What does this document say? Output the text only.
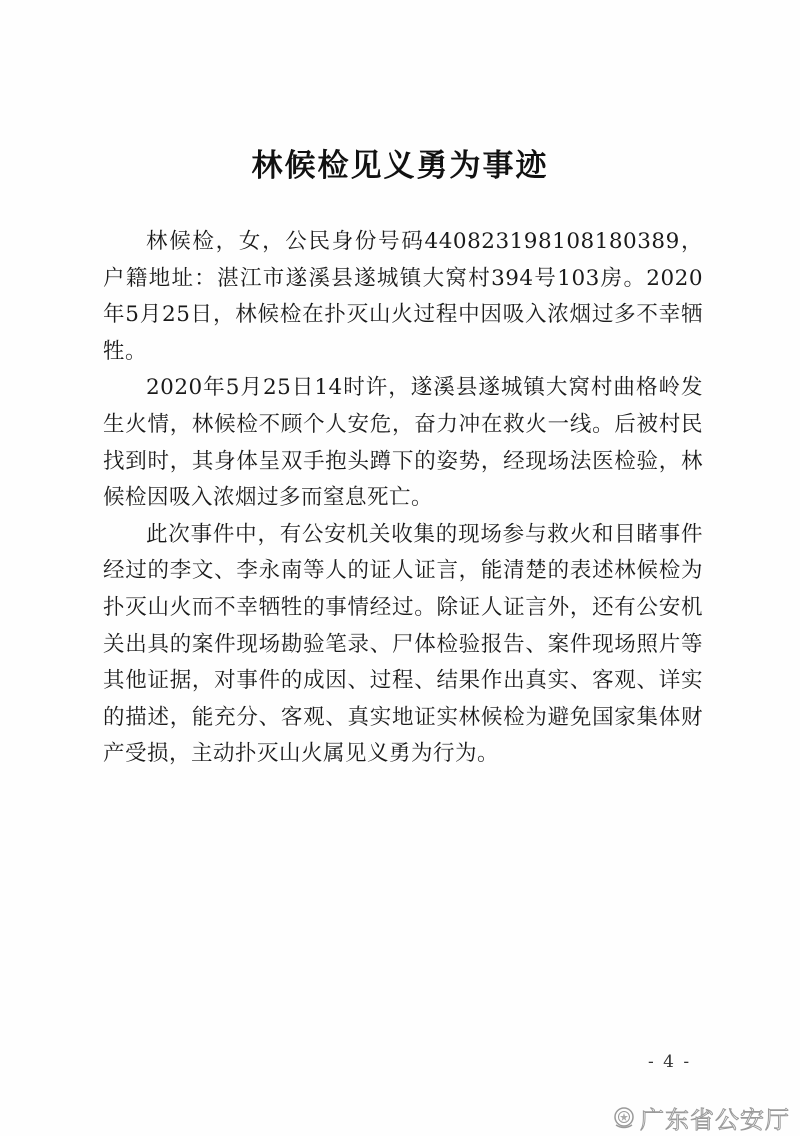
林候检见义勇为事迹

林候检，女，公民身份号码440823198108180389，户籍地址：湛江市遂溪县遂城镇大窝村394号103房。2020年5月25日，林候检在扑灭山火过程中因吸入浓烟过多不幸牺牲。

2020年5月25日14时许，遂溪县遂城镇大窝村曲格岭发生火情，林候检不顾个人安危，奋力冲在救火一线。后被村民找到时，其身体呈双手抱头蹲下的姿势，经现场法医检验，林候检因吸入浓烟过多而窒息死亡。

此次事件中，有公安机关收集的现场参与救火和目睹事件经过的李文、李永南等人的证人证言，能清楚的表述林候检为扑灭山火而不幸牺牲的事情经过。除证人证言外，还有公安机关出具的案件现场勘验笔录、尸体检验报告、案件现场照片等其他证据，对事件的成因、过程、结果作出真实、客观、详实的描述，能充分、客观、真实地证实林候检为避免国家集体财产受损，主动扑灭山火属见义勇为行为。

- 4 -
广东省公安厅
